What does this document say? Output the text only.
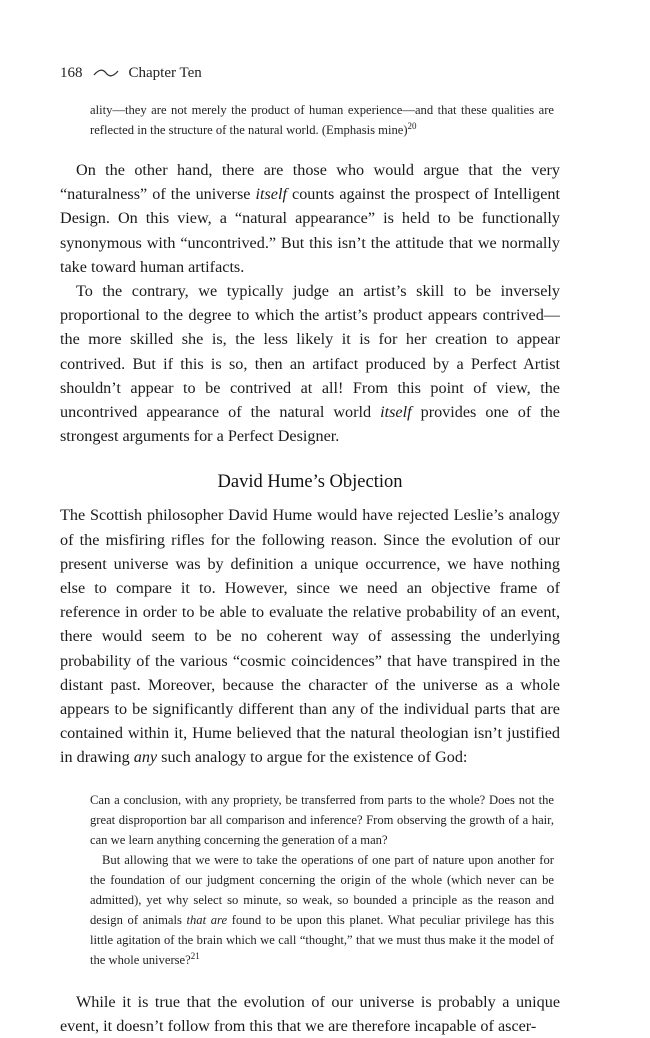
168	Chapter Ten

ality—they are not merely the product of human experience—and that these qualities are reflected in the structure of the natural world. (Emphasis mine)$^{20}$

On the other hand, there are those who would argue that the very “naturalness” of the universe itself counts against the prospect of Intelligent Design. On this view, a “natural appearance” is held to be functionally synonymous with “uncontrived.” But this isn’t the attitude that we normally take toward human artifacts.

To the contrary, we typically judge an artist’s skill to be inversely proportional to the degree to which the artist’s product appears contrived—the more skilled she is, the less likely it is for her creation to appear contrived. But if this is so, then an artifact produced by a Perfect Artist shouldn’t appear to be contrived at all! From this point of view, the uncontrived appearance of the natural world itself provides one of the strongest arguments for a Perfect Designer.

David Hume’s Objection

The Scottish philosopher David Hume would have rejected Leslie’s analogy of the misfiring rifles for the following reason. Since the evolution of our present universe was by definition a unique occurrence, we have nothing else to compare it to. However, since we need an objective frame of reference in order to be able to evaluate the relative probability of an event, there would seem to be no coherent way of assessing the underlying probability of the various “cosmic coincidences” that have transpired in the distant past. Moreover, because the character of the universe as a whole appears to be significantly different than any of the individual parts that are contained within it, Hume believed that the natural theologian isn’t justified in drawing any such analogy to argue for the existence of God:

Can a conclusion, with any propriety, be transferred from parts to the whole? Does not the great disproportion bar all comparison and inference? From observing the growth of a hair, can we learn anything concerning the generation of a man?

But allowing that we were to take the operations of one part of nature upon another for the foundation of our judgment concerning the origin of the whole (which never can be admitted), yet why select so minute, so weak, so bounded a principle as the reason and design of animals that are found to be upon this planet. What peculiar privilege has this little agitation of the brain which we call “thought,” that we must thus make it the model of the whole universe?$^{21}$

While it is true that the evolution of our universe is probably a unique event, it doesn’t follow from this that we are therefore incapable of ascer-
